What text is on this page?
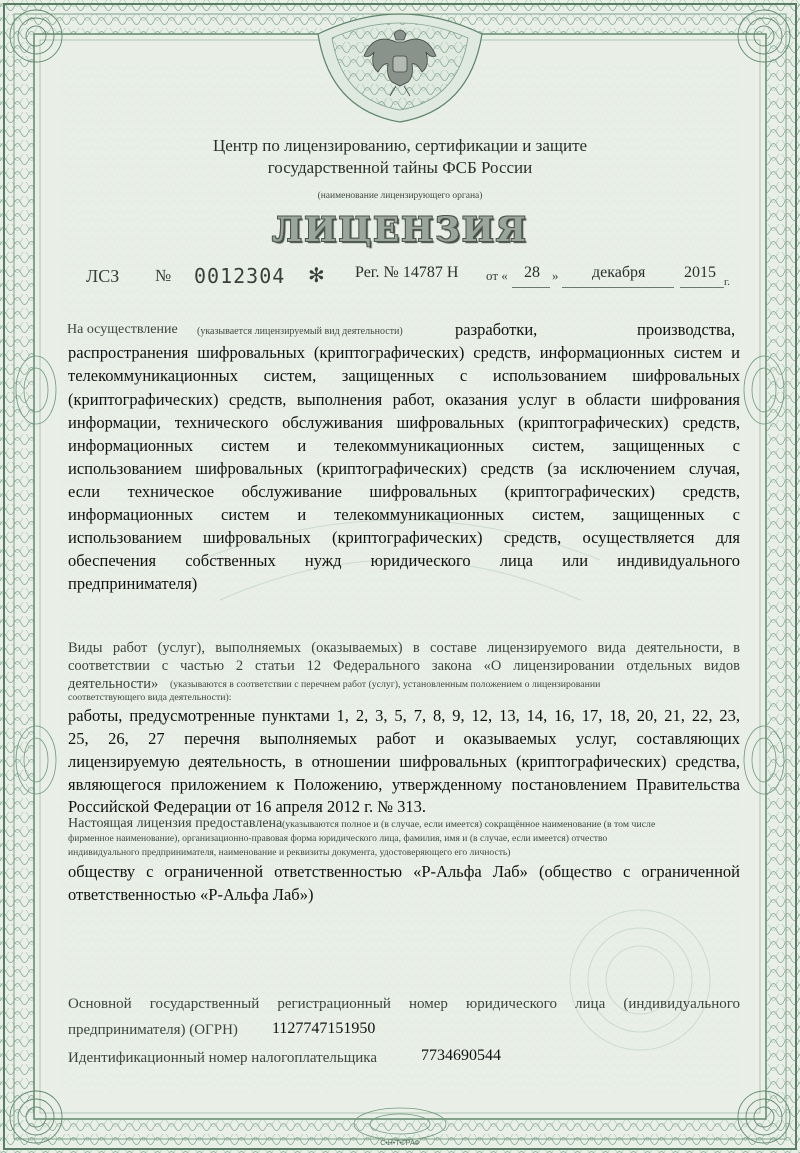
Центр по лицензированию, сертификации и защите
государственной тайны ФСБ России
(наименование лицензирующего органа)
ЛИЦЕНЗИЯ
ЛСЗ № 0012304 ✻ Рег. № 14787 Н от « 28 » декабря 2015
г.
На осуществление (указывается лицензируемый вид деятельности)	разработки,	производства,
распространения шифровальных (криптографических) средств, информационных систем и
телекоммуникационных систем, защищенных с использованием шифровальных
(криптографических) средств, выполнения работ, оказания услуг в области шифрования
информации, технического обслуживания шифровальных (криптографических) средств,
информационных систем и телекоммуникационных систем, защищенных с
использованием шифровальных (криптографических) средств (за исключением случая,
если техническое обслуживание шифровальных (криптографических) средств,
информационных систем и телекоммуникационных систем, защищенных с
использованием шифровальных (криптографических) средств, осуществляется для
обеспечения собственных нужд юридического лица или индивидуального
предпринимателя)
Виды работ (услуг), выполняемых (оказываемых) в составе лицензируемого вида деятельности, в
соответствии с частью 2 статьи 12 Федерального закона «О лицензировании отдельных видов
деятельности» (указываются в соответствии с перечнем работ (услуг), установленным положением о лицензировании
соответствующего вида деятельности):
работы, предусмотренные пунктами 1, 2, 3, 5, 7, 8, 9, 12, 13, 14, 16, 17, 18, 20, 21, 22, 23,
25, 26, 27 перечня выполняемых работ и оказываемых услуг, составляющих
лицензируемую деятельность, в отношении шифровальных (криптографических) средства,
являющегося приложением к Положению, утвержденному постановлением Правительства
Российской Федерации от 16 апреля 2012 г. № 313.
Настоящая лицензия предоставлена (указываются полное и (в случае, если имеется) сокращённое наименование (в том числе
фирменное наименование), организационно-правовая форма юридического лица, фамилия, имя и (в случае, если имеется) отчество
индивидуального предпринимателя, наименование и реквизиты документа, удостоверяющего его личность)
обществу с ограниченной ответственностью «Р-Альфа Лаб» (общество с ограниченной
ответственностью «Р-Альфа Лаб»)
Основной государственный регистрационный номер юридического лица (индивидуального
предпринимателя) (ОГРН) 1127747151950
Идентификационный номер налогоплательщика	7734690544
С•Н•Т•ГРАФ
